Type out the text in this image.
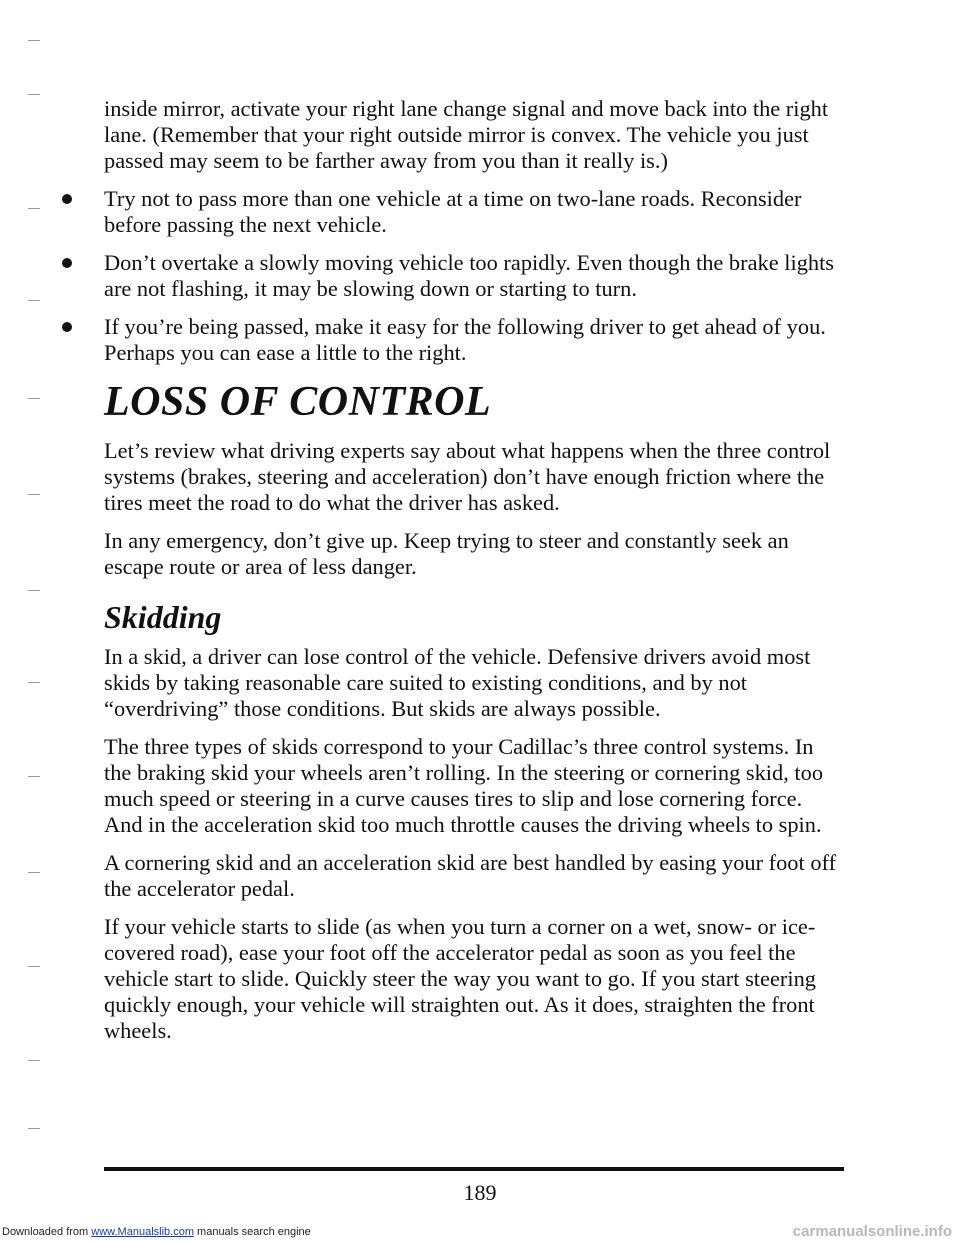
inside mirror, activate your right lane change signal and move back into the right lane. (Remember that your right outside mirror is convex. The vehicle you just passed may seem to be farther away from you than it really is.)

Try not to pass more than one vehicle at a time on two-lane roads. Reconsider before passing the next vehicle.
Don’t overtake a slowly moving vehicle too rapidly. Even though the brake lights are not flashing, it may be slowing down or starting to turn.
If you’re being passed, make it easy for the following driver to get ahead of you. Perhaps you can ease a little to the right.
LOSS OF CONTROL

Let’s review what driving experts say about what happens when the three control systems (brakes, steering and acceleration) don’t have enough friction where the tires meet the road to do what the driver has asked.

In any emergency, don’t give up. Keep trying to steer and constantly seek an escape route or area of less danger.

Skidding

In a skid, a driver can lose control of the vehicle. Defensive drivers avoid most skids by taking reasonable care suited to existing conditions, and by not “overdriving” those conditions. But skids are always possible.

The three types of skids correspond to your Cadillac’s three control systems. In the braking skid your wheels aren’t rolling. In the steering or cornering skid, too much speed or steering in a curve causes tires to slip and lose cornering force. And in the acceleration skid too much throttle causes the driving wheels to spin.

A cornering skid and an acceleration skid are best handled by easing your foot off the accelerator pedal.

If your vehicle starts to slide (as when you turn a corner on a wet, snow- or ice-covered road), ease your foot off the accelerator pedal as soon as you feel the vehicle start to slide. Quickly steer the way you want to go. If you start steering quickly enough, your vehicle will straighten out. As it does, straighten the front wheels.

189
Downloaded from www.Manualslib.com manuals search engine	carmanualsonline.info
